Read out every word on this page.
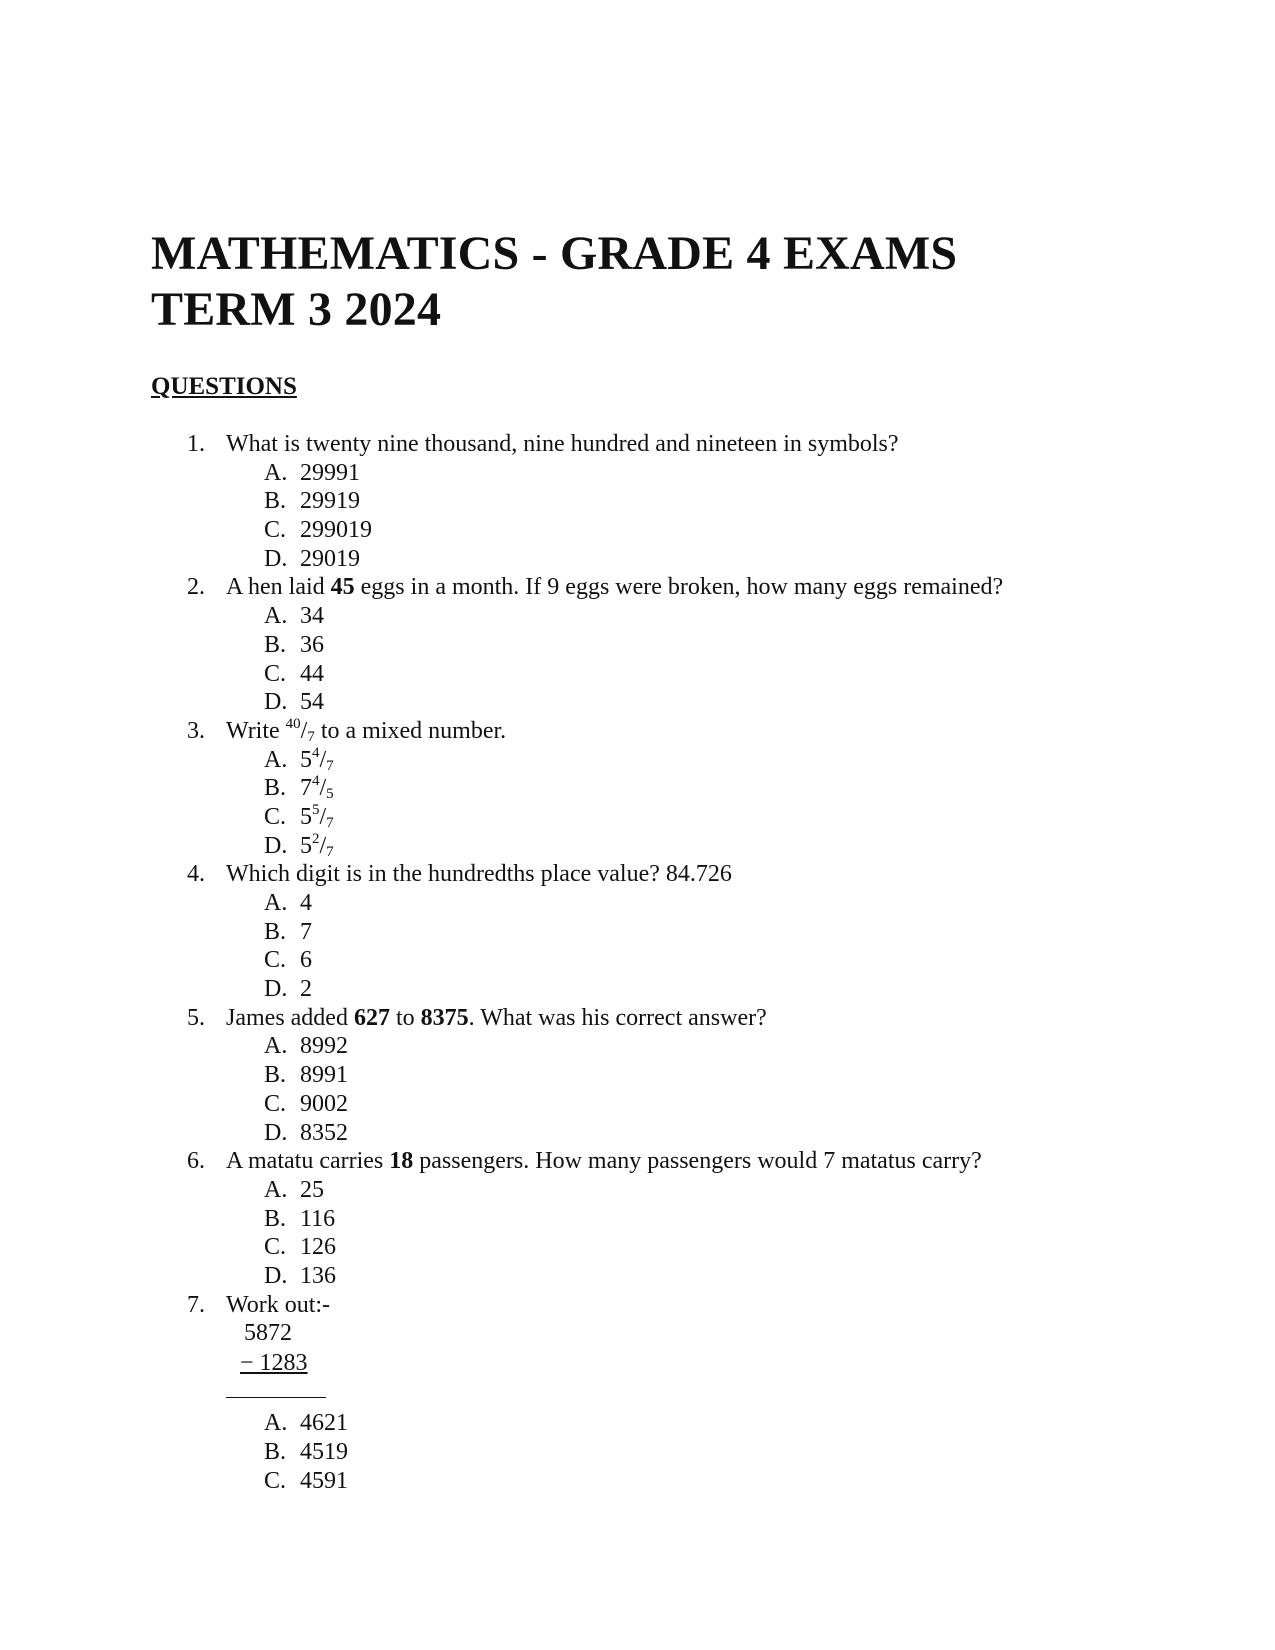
MATHEMATICS - GRADE 4 EXAMS
TERM 3 2024
QUESTIONS
1. What is twenty nine thousand, nine hundred and nineteen in symbols?
A. 29991
B. 29919
C. 299019
D. 29019
2. A hen laid 45 eggs in a month. If 9 eggs were broken, how many eggs remained?
A. 34
B. 36
C. 44
D. 54
3. Write $^{40}/_7$ to a mixed number.
A. $5^4/_7$
B. $7^4/_5$
C. $5^5/_7$
D. $5^2/_7$
4. Which digit is in the hundredths place value? 84.726
A. 4
B. 7
C. 6
D. 2
5. James added 627 to 8375. What was his correct answer?
A. 8992
B. 8991
C. 9002
D. 8352
6. A matatu carries 18 passengers. How many passengers would 7 matatus carry?
A. 25
B. 116
C. 126
D. 136
7. Work out:-
5872
− 1283
A. 4621
B. 4519
C. 4591
